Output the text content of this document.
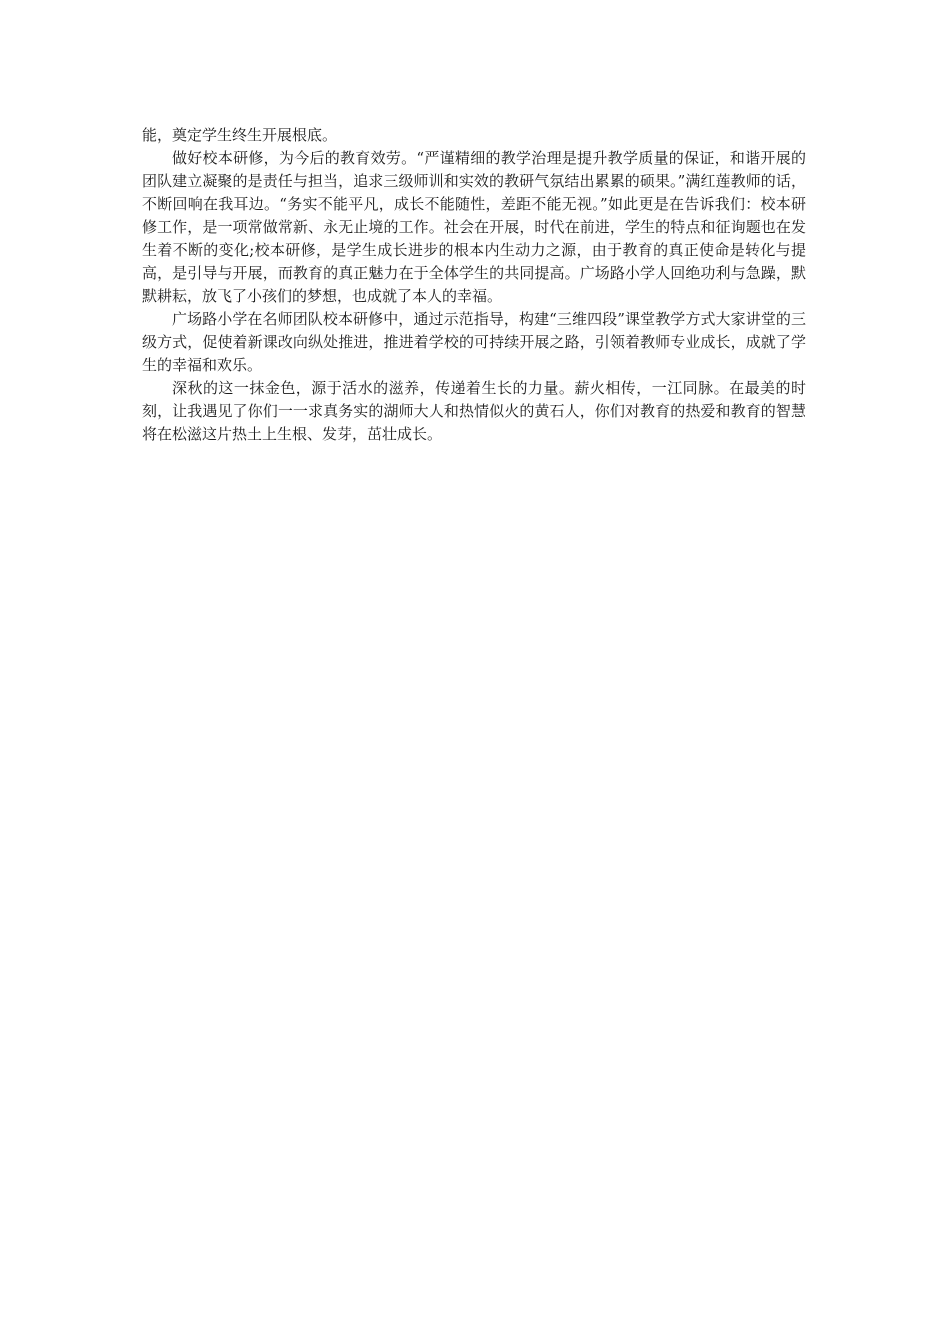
能，奠定学生终生开展根底。

做好校本研修，为今后的教育效劳。“严谨精细的教学治理是提升教学质量的保证，和谐开展的团队建立凝聚的是责任与担当，追求三级师训和实效的教研气氛结出累累的硕果。”满红莲教师的话，不断回响在我耳边。“务实不能平凡，成长不能随性，差距不能无视。”如此更是在告诉我们：校本研修工作，是一项常做常新、永无止境的工作。社会在开展，时代在前进，学生的特点和征询题也在发生着不断的变化;校本研修，是学生成长进步的根本内生动力之源，由于教育的真正使命是转化与提高，是引导与开展，而教育的真正魅力在于全体学生的共同提高。广场路小学人回绝功利与急躁，默默耕耘，放飞了小孩们的梦想，也成就了本人的幸福。

广场路小学在名师团队校本研修中，通过示范指导，构建“三维四段”课堂教学方式大家讲堂的三级方式，促使着新课改向纵处推进，推进着学校的可持续开展之路，引领着教师专业成长，成就了学生的幸福和欢乐。

深秋的这一抹金色，源于活水的滋养，传递着生长的力量。薪火相传，一江同脉。在最美的时刻，让我遇见了你们一一求真务实的湖师大人和热情似火的黄石人，你们对教育的热爱和教育的智慧将在松滋这片热土上生根、发芽，茁壮成长。
